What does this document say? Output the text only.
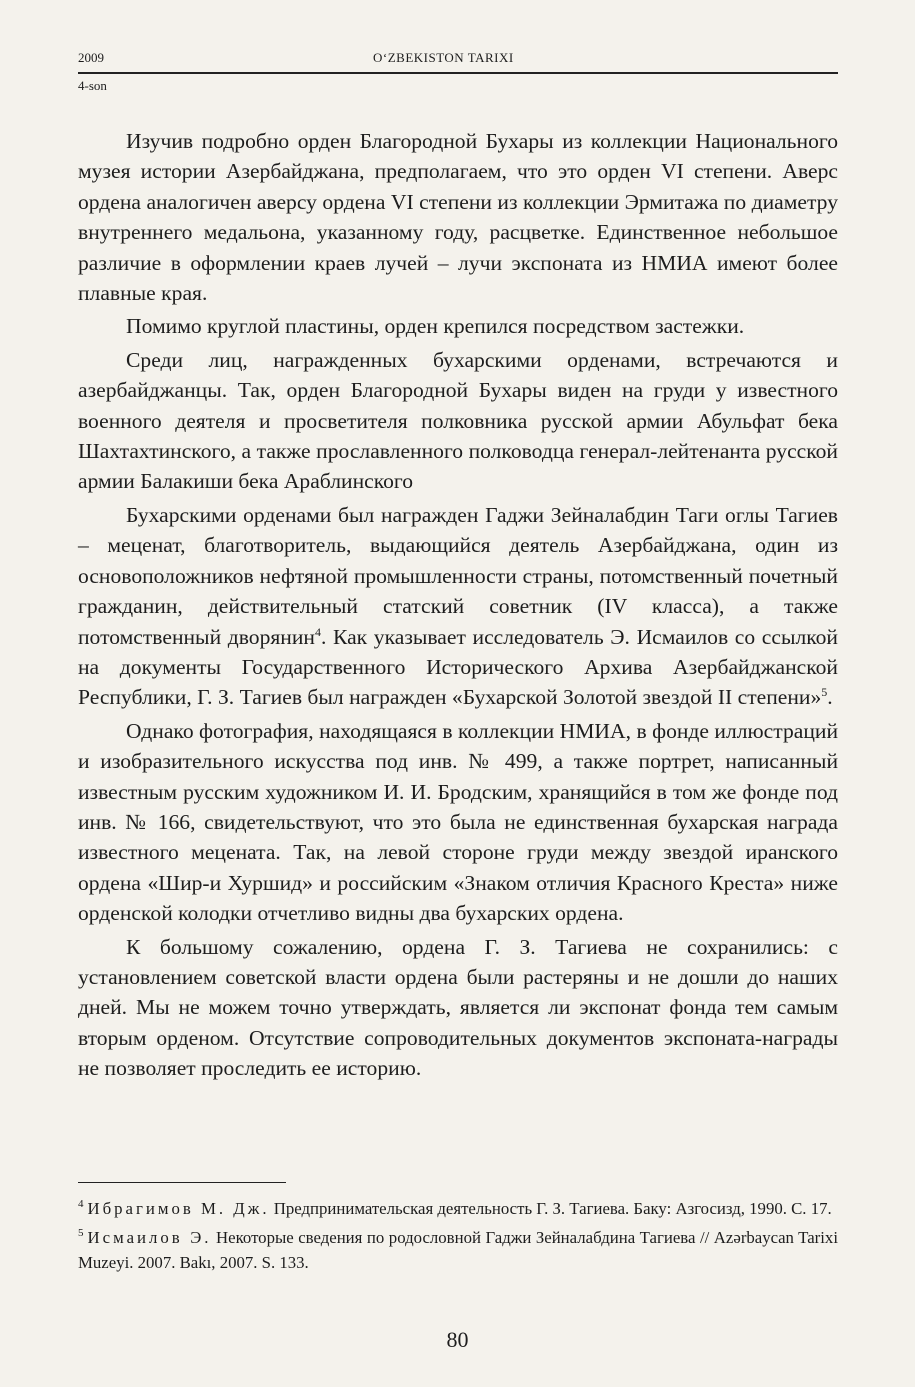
2009	O‘ZBEKISTON TARIXI
4-son

Изучив подробно орден Благородной Бухары из коллекции Национального музея истории Азербайджана, предполагаем, что это орден VI степени. Аверс ордена аналогичен аверсу ордена VI степени из коллекции Эрмитажа по диаметру внутреннего медальона, указанному году, расцветке. Единственное небольшое различие в оформлении краев лучей – лучи экспоната из НМИА имеют более плавные края.

Помимо круглой пластины, орден крепился посредством застежки.

Среди лиц, награжденных бухарскими орденами, встречаются и азербайджанцы. Так, орден Благородной Бухары виден на груди у известного военного деятеля и просветителя полковника русской армии Абульфат бека Шахтахтинского, а также прославленного полководца генерал-лейтенанта русской армии Балакиши бека Араблинского

Бухарскими орденами был награжден Гаджи Зейналабдин Таги оглы Тагиев – меценат, благотворитель, выдающийся деятель Азербайджана, один из основоположников нефтяной промышленности страны, потомственный почетный гражданин, действительный статский советник (IV класса), а также потомственный дворянин$^4$. Как указывает исследователь Э. Исмаилов со ссылкой на документы Государственного Исторического Архива Азербайджанской Республики, Г. З. Тагиев был награжден «Бухарской Золотой звездой II степени»$^5$.

Однако фотография, находящаяся в коллекции НМИА, в фонде иллюстраций и изобразительного искусства под инв. № 499, а также портрет, написанный известным русским художником И. И. Бродским, хранящийся в том же фонде под инв. № 166, свидетельствуют, что это была не единственная бухарская награда известного мецената. Так, на левой стороне груди между звездой иранского ордена «Шир-и Хуршид» и российским «Знаком отличия Красного Креста» ниже орденской колодки отчетливо видны два бухарских ордена.

К большому сожалению, ордена Г. З. Тагиева не сохранились: с установлением советской власти ордена были растеряны и не дошли до наших дней. Мы не можем точно утверждать, является ли экспонат фонда тем самым вторым орденом. Отсутствие сопроводительных документов экспоната-награды не позволяет проследить ее историю.

$^4$ Ибрагимов М. Дж. Предпринимательская деятельность Г. З. Тагиева. Баку: Азгосизд, 1990. С. 17.

$^5$ Исмаилов Э. Некоторые сведения по родословной Гаджи Зейналабдина Тагиева // Azərbaycan Tarixi Muzeyi. 2007. Bakı, 2007. S. 133.

80
